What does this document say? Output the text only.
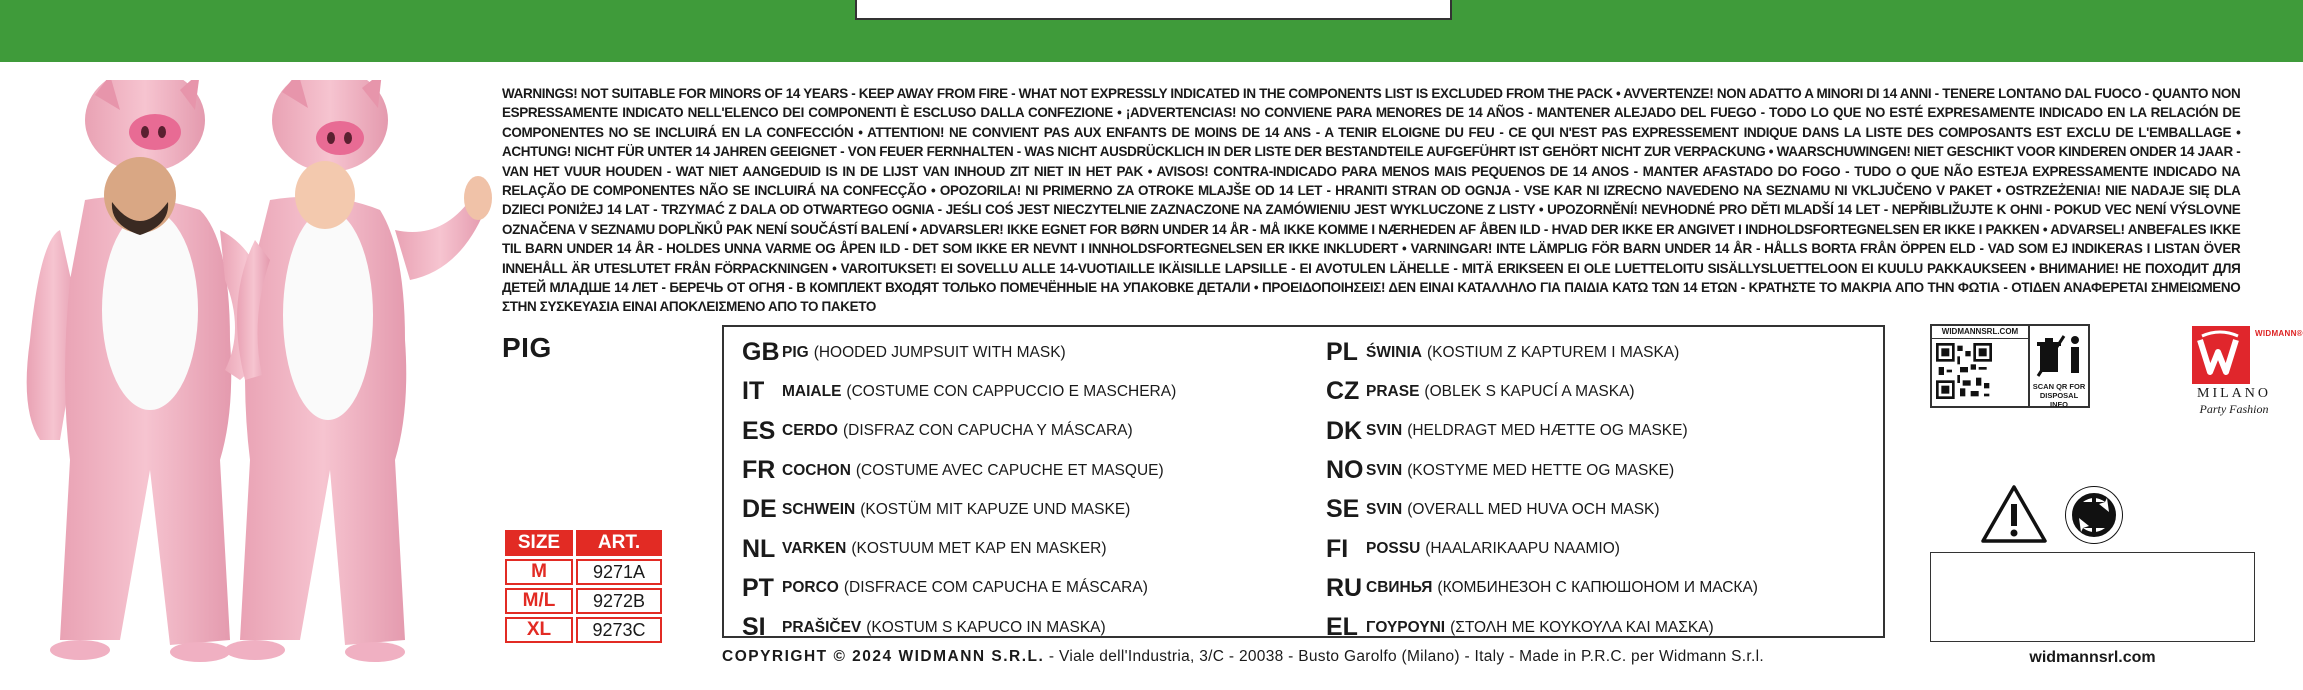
WARNINGS! NOT SUITABLE FOR MINORS OF 14 YEARS - KEEP AWAY FROM FIRE - WHAT NOT EXPRESSLY INDICATED IN THE COMPONENTS LIST IS EXCLUDED FROM THE PACK • AVVERTENZE! NON ADATTO A MINORI DI 14 ANNI - TENERE LONTANO DAL FUOCO - QUANTO NON ESPRESSAMENTE INDICATO NELL'ELENCO DEI COMPONENTI È ESCLUSO DALLA CONFEZIONE • ¡ADVERTENCIAS! NO CONVIENE PARA MENORES DE 14 AÑOS - MANTENER ALEJADO DEL FUEGO - TODO LO QUE NO ESTÉ EXPRESAMENTE INDICADO EN LA RELACIÓN DE COMPONENTES NO SE INCLUIRÁ EN LA CONFECCIÓN • ATTENTION! NE CONVIENT PAS AUX ENFANTS DE MOINS DE 14 ANS - A TENIR ELOIGNE DU FEU - CE QUI N'EST PAS EXPRESSEMENT INDIQUE DANS LA LISTE DES COMPOSANTS EST EXCLU DE L'EMBALLAGE • ACHTUNG! NICHT FÜR UNTER 14 JAHREN GEEIGNET - VON FEUER FERNHALTEN - WAS NICHT AUSDRÜCKLICH IN DER LISTE DER BESTANDTEILE AUFGEFÜHRT IST GEHÖRT NICHT ZUR VERPACKUNG • WAARSCHUWINGEN! NIET GESCHIKT VOOR KINDEREN ONDER 14 JAAR - VAN HET VUUR HOUDEN - WAT NIET AANGEDUID IS IN DE LIJST VAN INHOUD ZIT NIET IN HET PAK • AVISOS! CONTRA-INDICADO PARA MENOS MAIS PEQUENOS DE 14 ANOS - MANTER AFASTADO DO FOGO - TUDO O QUE NÃO ESTEJA EXPRESSAMENTE INDICADO NA RELAÇÃO DE COMPONENTES NÃO SE INCLUIRÁ NA CONFECÇÃO • OPOZORILA! NI PRIMERNO ZA OTROKE MLAJŠE OD 14 LET - HRANITI STRAN OD OGNJA - VSE KAR NI IZRECNO NAVEDENO NA SEZNAMU NI VKLJUČENO V PAKET • OSTRZEŻENIA! NIE NADAJE SIĘ DLA DZIECI PONIŻEJ 14 LAT - TRZYMAĆ Z DALA OD OTWARTEGO OGNIA - JEŚLI COŚ JEST NIECZYTELNIE ZAZNACZONE NA ZAMÓWIENIU JEST WYKLUCZONE Z LISTY • UPOZORNĚNÍ! NEVHODNÉ PRO DĚTI MLADŠÍ 14 LET - NEPŘIBLIŽUJTE K OHNI - POKUD VEC NENÍ VÝSLOVNE OZNAČENA V SEZNAMU DOPLŇKŮ PAK NENÍ SOUČÁSTÍ BALENÍ • ADVARSLER! IKKE EGNET FOR BØRN UNDER 14 ÅR - MÅ IKKE KOMME I NÆRHEDEN AF ÅBEN ILD - HVAD DER IKKE ER ANGIVET I INDHOLDSFORTEGNELSEN ER IKKE I PAKKEN • ADVARSEL! ANBEFALES IKKE TIL BARN UNDER 14 ÅR - HOLDES UNNA VARME OG ÅPEN ILD - DET SOM IKKE ER NEVNT I INNHOLDSFORTEGNELSEN ER IKKE INKLUDERT • VARNINGAR! INTE LÄMPLIG FÖR BARN UNDER 14 ÅR - HÅLLS BORTA FRÅN ÖPPEN ELD - VAD SOM EJ INDIKERAS I LISTAN ÖVER INNEHÅLL ÄR UTESLUTET FRÅN FÖRPACKNINGEN • VAROITUKSET! EI SOVELLU ALLE 14-VUOTIAILLE IKÄISILLE LAPSILLE - EI AVOTULEN LÄHELLE - MITÄ ERIKSEEN EI OLE LUETTELOITU SISÄLLYSLUETTELOON EI KUULU PAKKAUKSEEN • ВНИМАНИЕ! НЕ ПОХОДИТ ДЛЯ ДЕТЕЙ МЛАДШЕ 14 ЛЕТ - БЕРЕЧЬ ОТ ОГНЯ - В КОМПЛЕКТ ВХОДЯТ ТОЛЬКО ПОМЕЧЁННЫЕ НА УПАКОВКЕ ДЕТАЛИ • ΠΡΟΕΙΔΟΠΟΙΗΣΕΙΣ! ΔΕΝ ΕΙΝΑΙ ΚΑΤΑΛΛΗΛΟ ΓΙΑ ΠΑΙΔΙΑ ΚΑΤΩ ΤΩΝ 14 ΕΤΩΝ - ΚΡΑΤΗΣΤΕ ΤΟ ΜΑΚΡΙΑ ΑΠΟ ΤΗΝ ΦΩΤΙΑ - ΟΤΙΔΕΝ ΑΝΑΦΕΡΕΤΑΙ ΣΗΜΕΙΩΜΕΝΟ ΣΤΗΝ ΣΥΣΚΕΥΑΣΙΑ ΕΙΝΑΙ ΑΠΟΚΛΕΙΣΜΕΝΟ ΑΠΟ ΤΟ ΠΑΚΕΤΟ
PIG
SIZE	ART.
M	9271A
M/L	9272B
XL	9273C
GB PIG (HOODED JUMPSUIT WITH MASK)
IT	MAIALE (COSTUME CON CAPPUCCIO E MASCHERA)
ES CERDO (DISFRAZ CON CAPUCHA Y MÁSCARA)
FR COCHON (COSTUME AVEC CAPUCHE ET MASQUE)
DE SCHWEIN (KOSTÜM MIT KAPUZE UND MASKE)
NL VARKEN (KOSTUUM MET KAP EN MASKER)
PT PORCO (DISFRACE COM CAPUCHA E MÁSCARA)
SI	PRAŠIČEV (KOSTUM S KAPUCO IN MASKA)
PL ŚWINIA (KOSTIUM Z KAPTUREM I MASKA)
CZ PRASE (OBLEK S KAPUCÍ A MASKA)
DK SVIN (HELDRAGT MED HÆTTE OG MASKE)
NO SVIN (KOSTYME MED HETTE OG MASKE)
SE SVIN (OVERALL MED HUVA OCH MASK)
FI	POSSU (HAALARIKAAPU NAAMIO)
RU СВИНЬЯ (КОМБИНЕЗОН С КАПЮШОНОМ И МАСКА)
EL ΓΟΥΡΟΥΝΙ (ΣΤΟΛΗ ΜΕ ΚΟΥΚΟΥΛΑ ΚΑΙ ΜΑΣΚΑ)
COPYRIGHT © 2024 WIDMANN S.R.L. - Viale dell'Industria, 3/C - 20038 - Busto Garolfo (Milano) - Italy - Made in P.R.C. per Widmann S.r.l.
WIDMANNSRL.COM
SCAN QR FOR DISPOSAL INFO
WIDMANN®
MILANO
Party Fashion
widmannsrl.com
